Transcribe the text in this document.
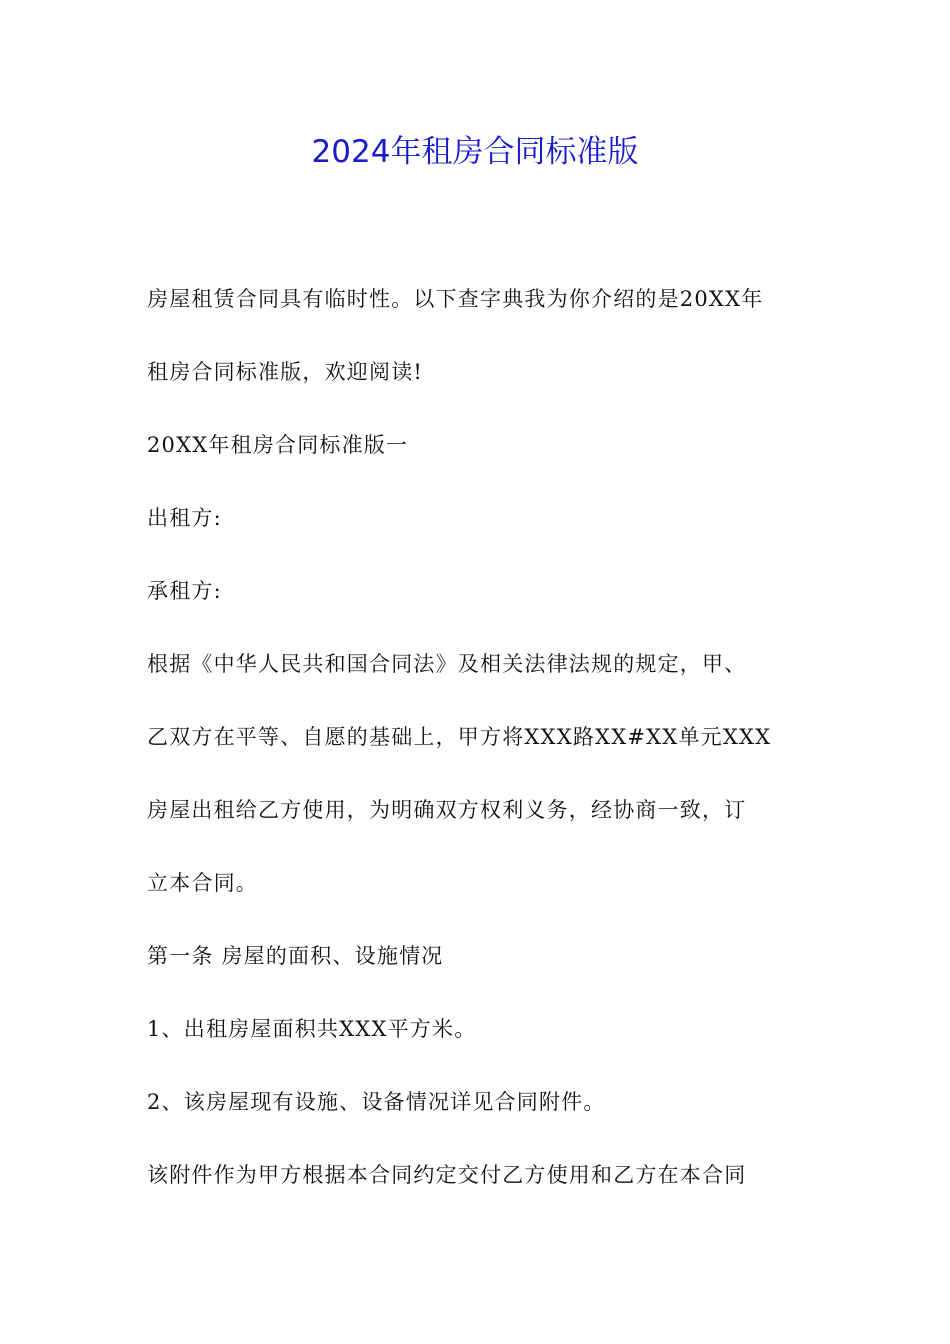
2024年租房合同标准版

房屋租赁合同具有临时性。以下查字典我为你介绍的是20XX年

租房合同标准版，欢迎阅读!

20XX年租房合同标准版一

出租方:

承租方:

根据《中华人民共和国合同法》及相关法律法规的规定，甲、

乙双方在平等、自愿的基础上，甲方将XXX路XX#XX单元XXX

房屋出租给乙方使用，为明确双方权利义务，经协商一致，订

立本合同。

第一条 房屋的面积、设施情况

1、出租房屋面积共XXX平方米。

2、该房屋现有设施、设备情况详见合同附件。

该附件作为甲方根据本合同约定交付乙方使用和乙方在本合同
